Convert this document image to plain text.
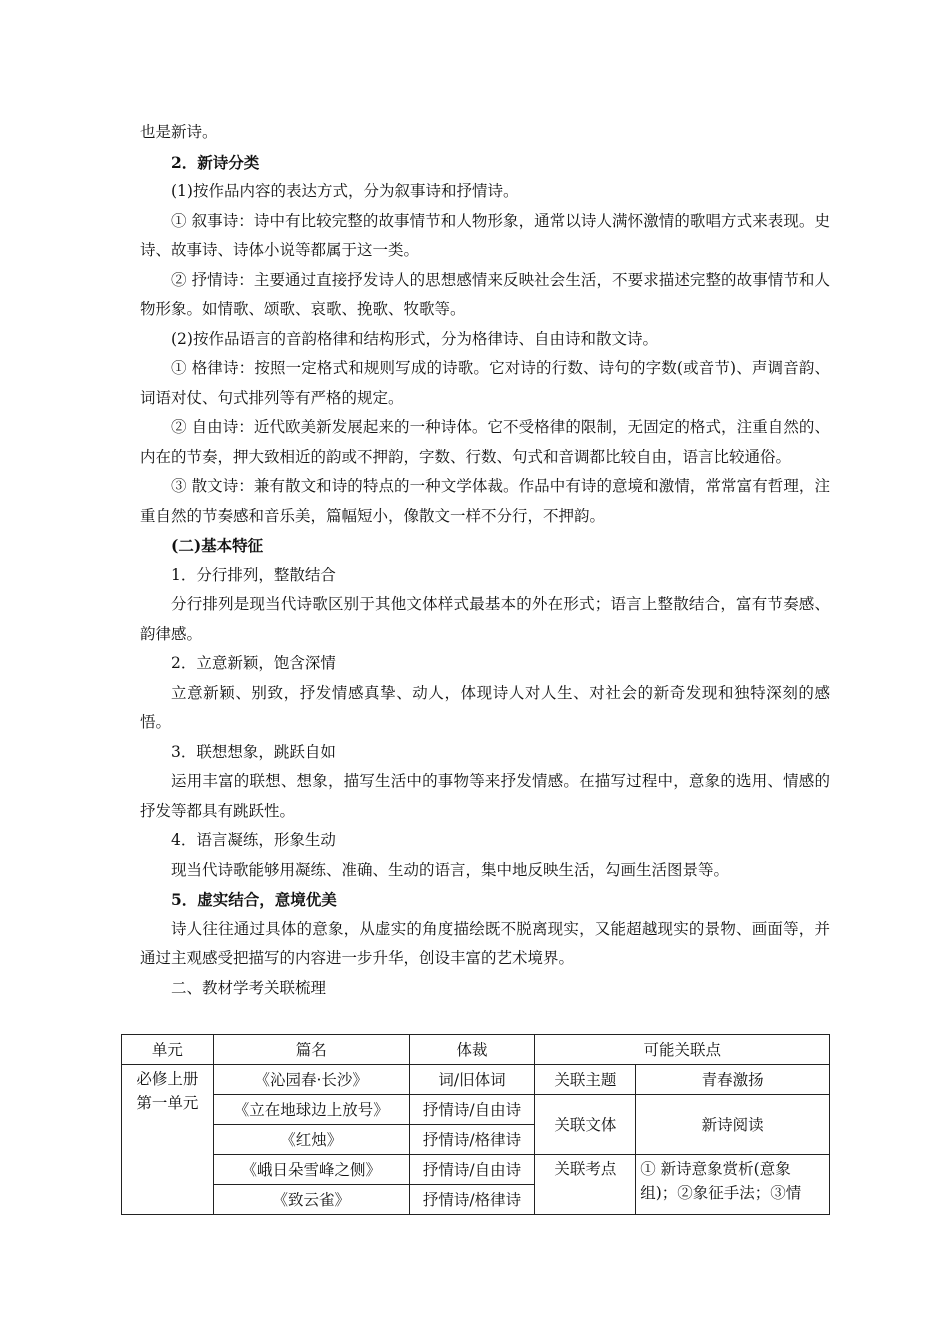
也是新诗。

2．新诗分类

(1)按作品内容的表达方式，分为叙事诗和抒情诗。

① 叙事诗：诗中有比较完整的故事情节和人物形象，通常以诗人满怀激情的歌唱方式来表现。史诗、故事诗、诗体小说等都属于这一类。

② 抒情诗：主要通过直接抒发诗人的思想感情来反映社会生活，不要求描述完整的故事情节和人物形象。如情歌、颂歌、哀歌、挽歌、牧歌等。

(2)按作品语言的音韵格律和结构形式，分为格律诗、自由诗和散文诗。

① 格律诗：按照一定格式和规则写成的诗歌。它对诗的行数、诗句的字数(或音节)、声调音韵、词语对仗、句式排列等有严格的规定。

② 自由诗：近代欧美新发展起来的一种诗体。它不受格律的限制，无固定的格式，注重自然的、内在的节奏，押大致相近的韵或不押韵，字数、行数、句式和音调都比较自由，语言比较通俗。

③ 散文诗：兼有散文和诗的特点的一种文学体裁。作品中有诗的意境和激情，常常富有哲理，注重自然的节奏感和音乐美，篇幅短小，像散文一样不分行，不押韵。

(二)基本特征

1．分行排列，整散结合

分行排列是现当代诗歌区别于其他文体样式最基本的外在形式；语言上整散结合，富有节奏感、韵律感。

2．立意新颖，饱含深情

立意新颖、别致，抒发情感真挚、动人，体现诗人对人生、对社会的新奇发现和独特深刻的感悟。

3．联想想象，跳跃自如

运用丰富的联想、想象，描写生活中的事物等来抒发情感。在描写过程中，意象的选用、情感的抒发等都具有跳跃性。

4．语言凝练，形象生动

现当代诗歌能够用凝练、准确、生动的语言，集中地反映生活，勾画生活图景等。

5．虚实结合，意境优美

诗人往往通过具体的意象，从虚实的角度描绘既不脱离现实，又能超越现实的景物、画面等，并通过主观感受把描写的内容进一步升华，创设丰富的艺术境界。

二、教材学考关联梳理

单元	篇名	体裁	可能关联点	
必修上册
第一单元	《沁园春·长沙》	词/旧体词	关联主题	青春激扬
	《立在地球边上放号》	抒情诗/自由诗	关联文体	新诗阅读
	《红烛》	抒情诗/格律诗		
	《峨日朵雪峰之侧》	抒情诗/自由诗	关联考点	① 新诗意象赏析(意象组)；②象征手法；③情
	《致云雀》	抒情诗/格律诗		
